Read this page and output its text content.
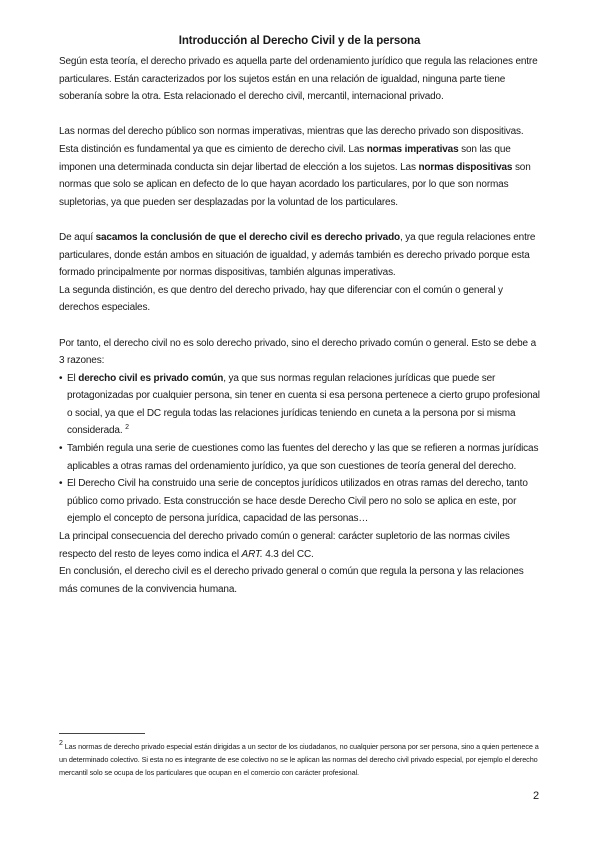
Introducción al Derecho Civil y de la persona

Según esta teoría, el derecho privado es aquella parte del ordenamiento jurídico que regula las relaciones entre particulares. Están caracterizados por los sujetos están en una relación de igualdad, ninguna parte tiene soberanía sobre la otra. Esta relacionado el derecho civil, mercantil, internacional privado.

Las normas del derecho público son normas imperativas, mientras que las derecho privado son dispositivas. Esta distinción es fundamental ya que es cimiento de derecho civil. Las normas imperativas son las que imponen una determinada conducta sin dejar libertad de elección a los sujetos. Las normas dispositivas son normas que solo se aplican en defecto de lo que hayan acordado los particulares, por lo que son normas supletorias, ya que pueden ser desplazadas por la voluntad de los particulares.

De aquí sacamos la conclusión de que el derecho civil es derecho privado, ya que regula relaciones entre particulares, donde están ambos en situación de igualdad, y además también es derecho privado porque esta formado principalmente por normas dispositivas, también algunas imperativas.

La segunda distinción, es que dentro del derecho privado, hay que diferenciar con el común o general y derechos especiales.

Por tanto, el derecho civil no es solo derecho privado, sino el derecho privado común o general. Esto se debe a 3 razones:

• El derecho civil es privado común, ya que sus normas regulan relaciones jurídicas que puede ser protagonizadas por cualquier persona, sin tener en cuenta si esa persona pertenece a cierto grupo profesional o social, ya que el DC regula todas las relaciones jurídicas teniendo en cuneta a la persona por si misma considerada. $^2$
• También regula una serie de cuestiones como las fuentes del derecho y las que se refieren a normas jurídicas aplicables a otras ramas del ordenamiento jurídico, ya que son cuestiones de teoría general del derecho.
• El Derecho Civil ha construido una serie de conceptos jurídicos utilizados en otras ramas del derecho, tanto público como privado. Esta construcción se hace desde Derecho Civil pero no solo se aplica en este, por ejemplo el concepto de persona jurídica, capacidad de las personas…

La principal consecuencia del derecho privado común o general: carácter supletorio de las normas civiles respecto del resto de leyes como indica el ART. 4.3 del CC.

En conclusión, el derecho civil es el derecho privado general o común que regula la persona y las relaciones más comunes de la convivencia humana.

$^2$ Las normas de derecho privado especial están dirigidas a un sector de los ciudadanos, no cualquier persona por ser persona, sino a quien pertenece a un determinado colectivo. Si esta no es integrante de ese colectivo no se le aplican las normas del derecho civil privado especial, por ejemplo el derecho mercantil solo se ocupa de los particulares que ocupan en el comercio con carácter profesional.
2
